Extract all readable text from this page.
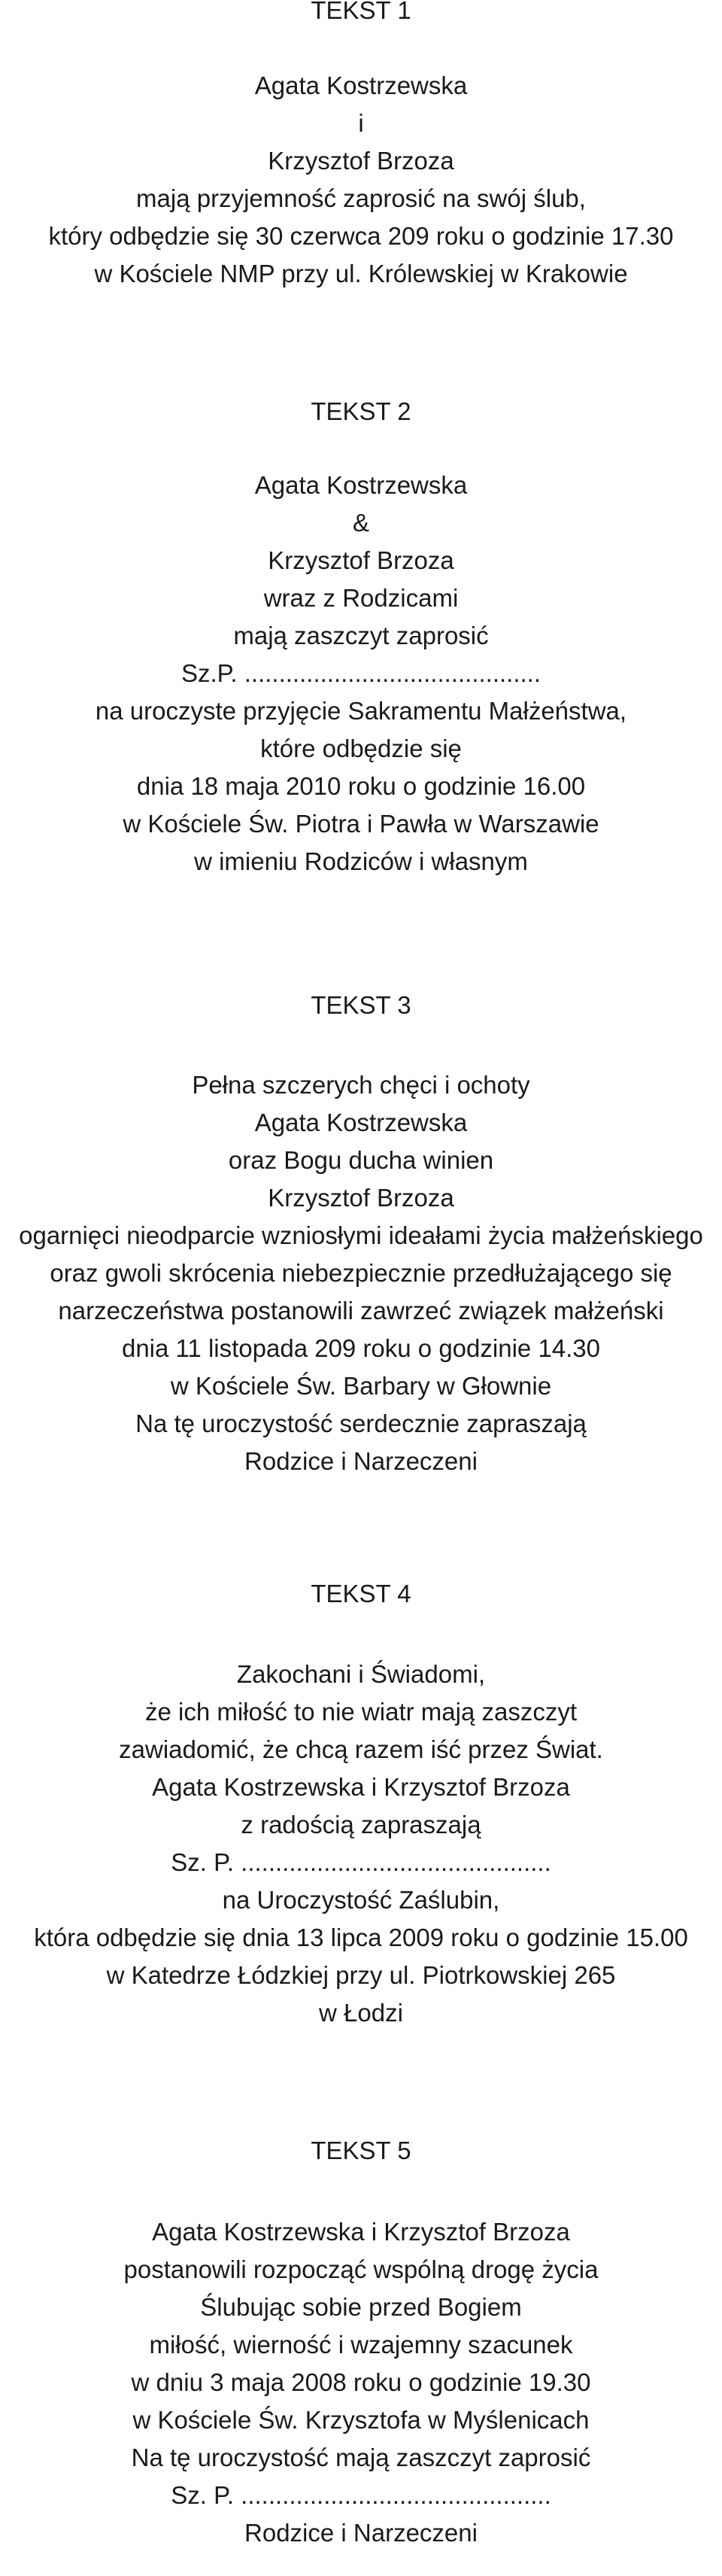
TEKST 1
Agata Kostrzewska
i
Krzysztof Brzoza
mają przyjemność zaprosić na swój ślub,
który odbędzie się 30 czerwca 209 roku o godzinie 17.30
w Kościele NMP przy ul. Królewskiej w Krakowie
TEKST 2
Agata Kostrzewska
&
Krzysztof Brzoza
wraz z Rodzicami
mają zaszczyt zaprosić
Sz.P. ...........................................
na uroczyste przyjęcie Sakramentu Małżeństwa,
które odbędzie się
dnia 18 maja 2010 roku o godzinie 16.00
w Kościele Św. Piotra i Pawła w Warszawie
w imieniu Rodziców i własnym
TEKST 3
Pełna szczerych chęci i ochoty
Agata Kostrzewska
oraz Bogu ducha winien
Krzysztof Brzoza
ogarnięci nieodparcie wzniosłymi ideałami życia małżeńskiego
oraz gwoli skrócenia niebezpiecznie przedłużającego się
narzeczeństwa postanowili zawrzeć związek małżeński
dnia 11 listopada 209 roku o godzinie 14.30
w Kościele Św. Barbary w Głownie
Na tę uroczystość serdecznie zapraszają
Rodzice i Narzeczeni
TEKST 4
Zakochani i Świadomi,
że ich miłość to nie wiatr mają zaszczyt
zawiadomić, że chcą razem iść przez Świat.
Agata Kostrzewska i Krzysztof Brzoza
z radością zapraszają
Sz. P. .............................................
na Uroczystość Zaślubin,
która odbędzie się dnia 13 lipca 2009 roku o godzinie 15.00
w Katedrze Łódzkiej przy ul. Piotrkowskiej 265
w Łodzi
TEKST 5
Agata Kostrzewska i Krzysztof Brzoza
postanowili rozpocząć wspólną drogę życia
Ślubując sobie przed Bogiem
miłość, wierność i wzajemny szacunek
w dniu 3 maja 2008 roku o godzinie 19.30
w Kościele Św. Krzysztofa w Myślenicach
Na tę uroczystość mają zaszczyt zaprosić
Sz. P. .............................................
Rodzice i Narzeczeni
